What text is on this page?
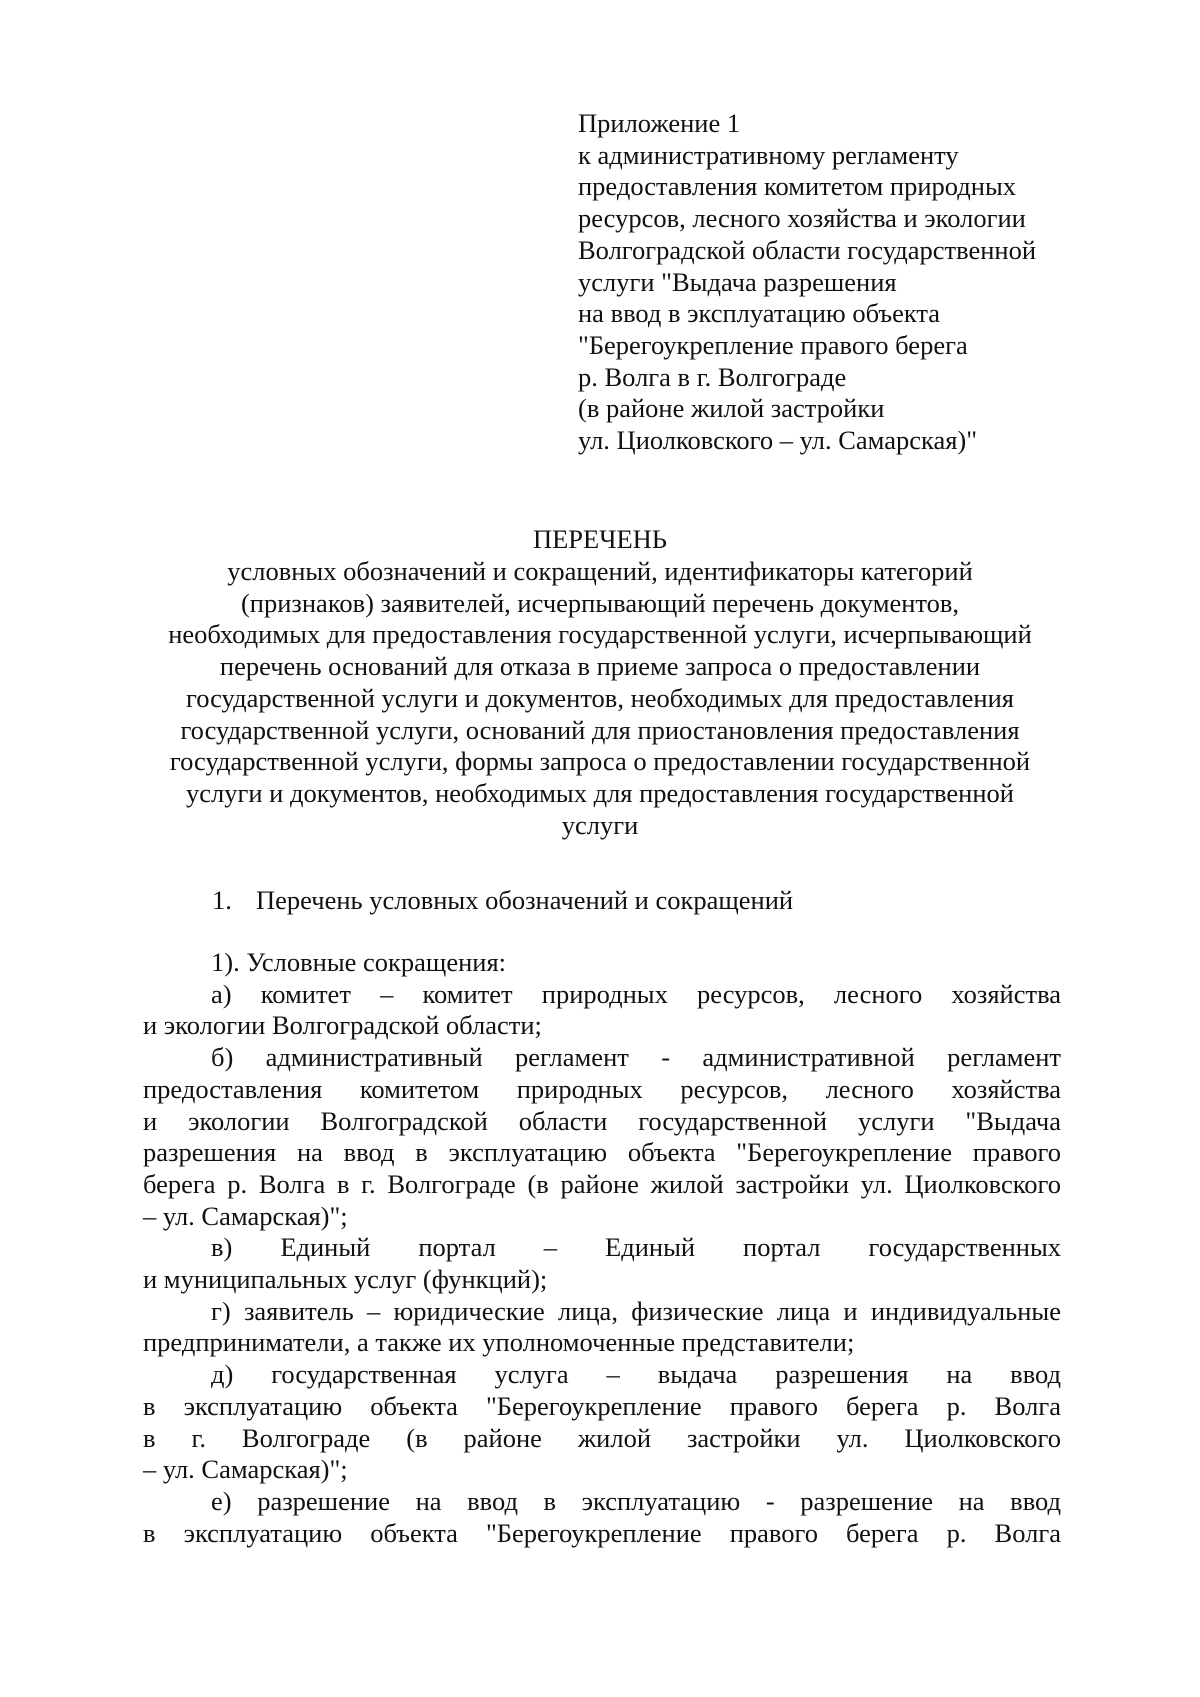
Приложение 1
к административному регламенту
предоставления комитетом природных
ресурсов, лесного хозяйства и экологии
Волгоградской области государственной
услуги "Выдача разрешения
на ввод в эксплуатацию объекта
"Берегоукрепление правого берега
р. Волга в г. Волгограде
(в районе жилой застройки
ул. Циолковского – ул. Самарская)"
ПЕРЕЧЕНЬ
условных обозначений и сокращений, идентификаторы категорий
(признаков) заявителей, исчерпывающий перечень документов,
необходимых для предоставления государственной услуги, исчерпывающий
перечень оснований для отказа в приеме запроса о предоставлении
государственной услуги и документов, необходимых для предоставления
государственной услуги, оснований для приостановления предоставления
государственной услуги, формы запроса о предоставлении государственной
услуги и документов, необходимых для предоставления государственной
услуги
1. Перечень условных обозначений и сокращений
1). Условные сокращения:
а) комитет – комитет природных ресурсов, лесного хозяйства
и экологии Волгоградской области;
б) административный регламент - административной регламент
предоставления комитетом природных ресурсов, лесного хозяйства
и экологии Волгоградской области государственной услуги "Выдача
разрешения на ввод в эксплуатацию объекта "Берегоукрепление правого
берега р. Волга в г. Волгограде (в районе жилой застройки ул. Циолковского
– ул. Самарская)";
в) Единый портал – Единый портал государственных
и муниципальных услуг (функций);
г) заявитель – юридические лица, физические лица и индивидуальные
предприниматели, а также их уполномоченные представители;
д) государственная услуга – выдача разрешения на ввод
в эксплуатацию объекта "Берегоукрепление правого берега р. Волга
в г. Волгограде (в районе жилой застройки ул. Циолковского
– ул. Самарская)";
е) разрешение на ввод в эксплуатацию - разрешение на ввод
в эксплуатацию объекта "Берегоукрепление правого берега р. Волга
